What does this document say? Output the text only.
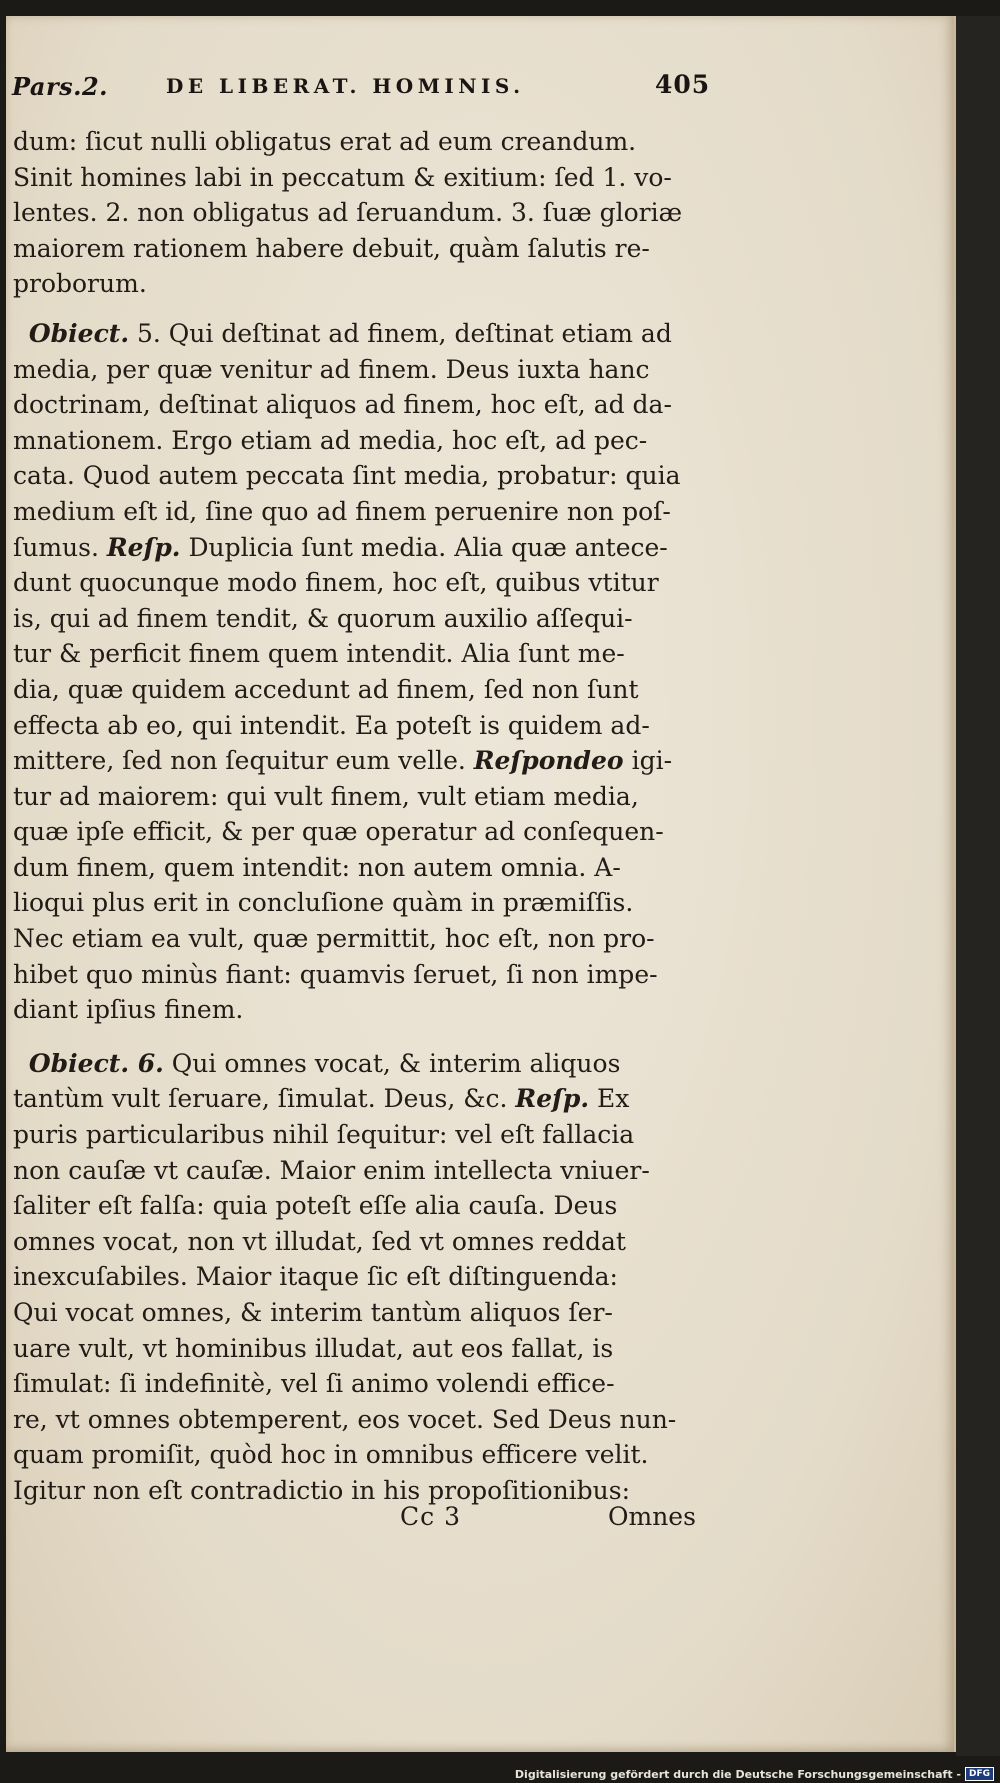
Pars.2.	DE LIBERAT. HOMINIS.	405
dum: ſicut nulli obligatus erat ad eum creandum.
Sinit homines labi in peccatum & exitium: ſed 1. vo-
lentes. 2. non obligatus ad ſeruandum. 3. ſuæ gloriæ
maiorem rationem habere debuit, quàm ſalutis re-
proborum.
Obiect. 5. Qui deſtinat ad finem, deſtinat etiam ad
media, per quæ venitur ad finem. Deus iuxta hanc
doctrinam, deſtinat aliquos ad finem, hoc eſt, ad da-
mnationem. Ergo etiam ad media, hoc eſt, ad pec-
cata. Quod autem peccata ſint media, probatur: quia
medium eſt id, ſine quo ad finem peruenire non poſ-
ſumus. Reſp. Duplicia ſunt media. Alia quæ antece-
dunt quocunque modo finem, hoc eſt, quibus vtitur
is, qui ad finem tendit, & quorum auxilio aſſequi-
tur & perficit finem quem intendit. Alia ſunt me-
dia, quæ quidem accedunt ad finem, ſed non ſunt
effecta ab eo, qui intendit. Ea poteſt is quidem ad-
mittere, ſed non ſequitur eum velle. Reſpondeo igi-
tur ad maiorem: qui vult finem, vult etiam media,
quæ ipſe efficit, & per quæ operatur ad conſequen-
dum finem, quem intendit: non autem omnia. A-
lioqui plus erit in concluſione quàm in præmiſſis.
Nec etiam ea vult, quæ permittit, hoc eſt, non pro-
hibet quo minùs fiant: quamvis ſeruet, ſi non impe-
diant ipſius finem.
Obiect. 6. Qui omnes vocat, & interim aliquos
tantùm vult ſeruare, ſimulat. Deus, &c. Reſp. Ex
puris particularibus nihil ſequitur: vel eſt fallacia
non cauſæ vt cauſæ. Maior enim intellecta vniuer-
ſaliter eſt falſa: quia poteſt eſſe alia cauſa. Deus
omnes vocat, non vt illudat, ſed vt omnes reddat
inexcuſabiles. Maior itaque ſic eſt diſtinguenda:
Qui vocat omnes, & interim tantùm aliquos ſer-
uare vult, vt hominibus illudat, aut eos fallat, is
ſimulat: ſi indefinitè, vel ſi animo volendi effice-
re, vt omnes obtemperent, eos vocet. Sed Deus nun-
quam promiſit, quòd hoc in omnibus efficere velit.
Igitur non eſt contradictio in his propoſitionibus:
Cc 3	Omnes
Digitalisierung gefördert durch die Deutsche Forschungsgemeinschaft - DFG
